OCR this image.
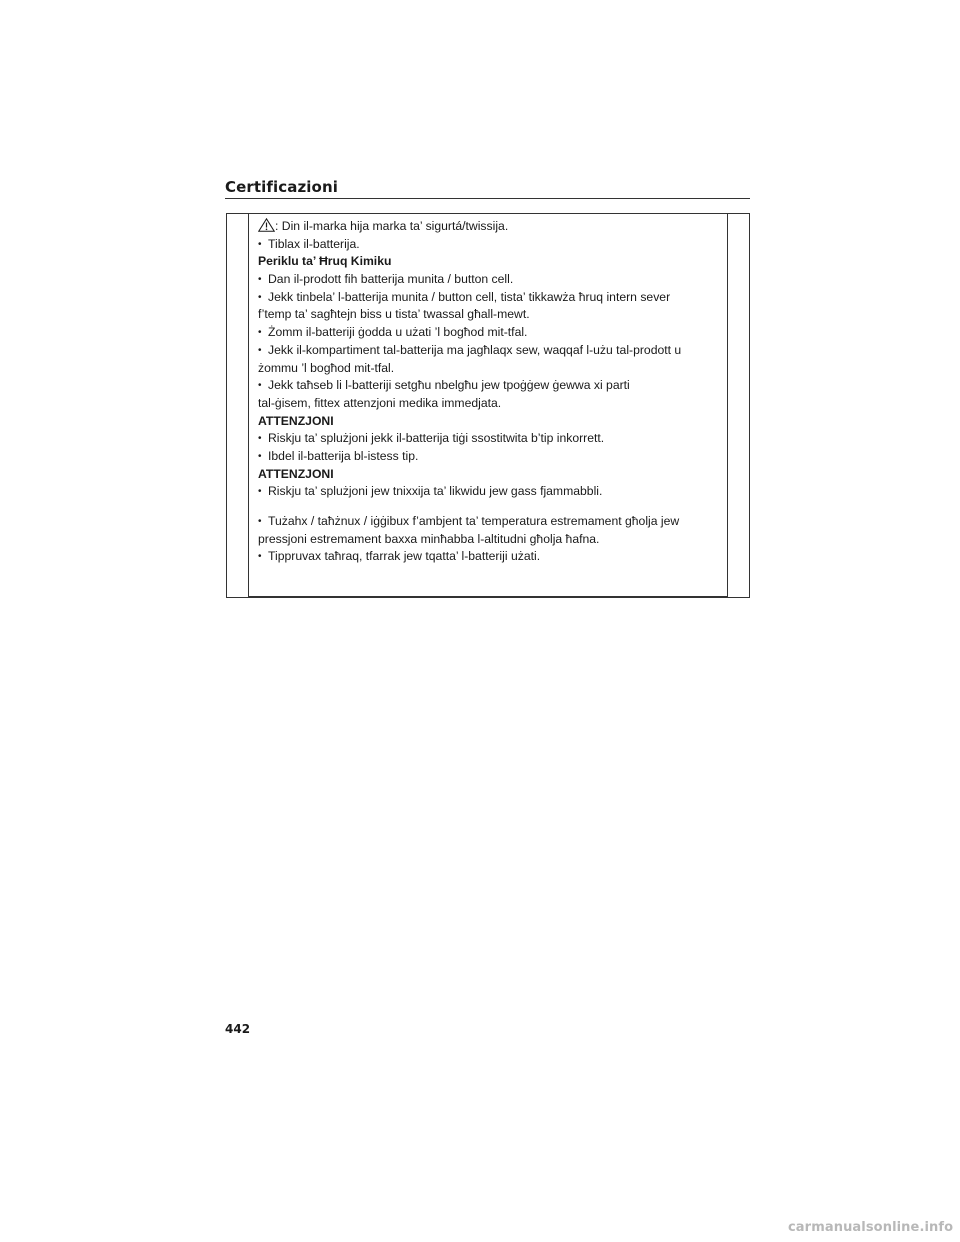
Certificazioni
: Din il-marka hija marka ta’ sigurtá/twissija.
• Tiblax il-batterija.
Periklu ta’ Ħruq Kimiku
• Dan il-prodott fih batterija munita / button cell.
• Jekk tinbela’ l-batterija munita / button cell, tista’ tikkawża ħruq intern sever
f’temp ta’ sagħtejn biss u tista’ twassal għall-mewt.
• Żomm il-batteriji ġodda u użati ’l bogħod mit-tfal.
• Jekk il-kompartiment tal-batterija ma jagħlaqx sew, waqqaf l-użu tal-prodott u
żommu ’l bogħod mit-tfal.
• Jekk taħseb li l-batteriji setgħu nbelgħu jew tpoġġew ġewwa xi parti
tal-ġisem, fittex attenzjoni medika immedjata.
ATTENZJONI
• Riskju ta’ splużjoni jekk il-batterija tiġi ssostitwita b’tip inkorrett.
• Ibdel il-batterija bl-istess tip.
ATTENZJONI
• Riskju ta’ splużjoni jew tnixxija ta’ likwidu jew gass fjammabbli.
• Tużahx / taħżnux / iġġibux f’ambjent ta’ temperatura estremament għolja jew
pressjoni estremament baxxa minħabba l-altitudni għolja ħafna.
• Tippruvax taħraq, tfarrak jew tqatta’ l-batteriji użati.
442
carmanualsonline.info
